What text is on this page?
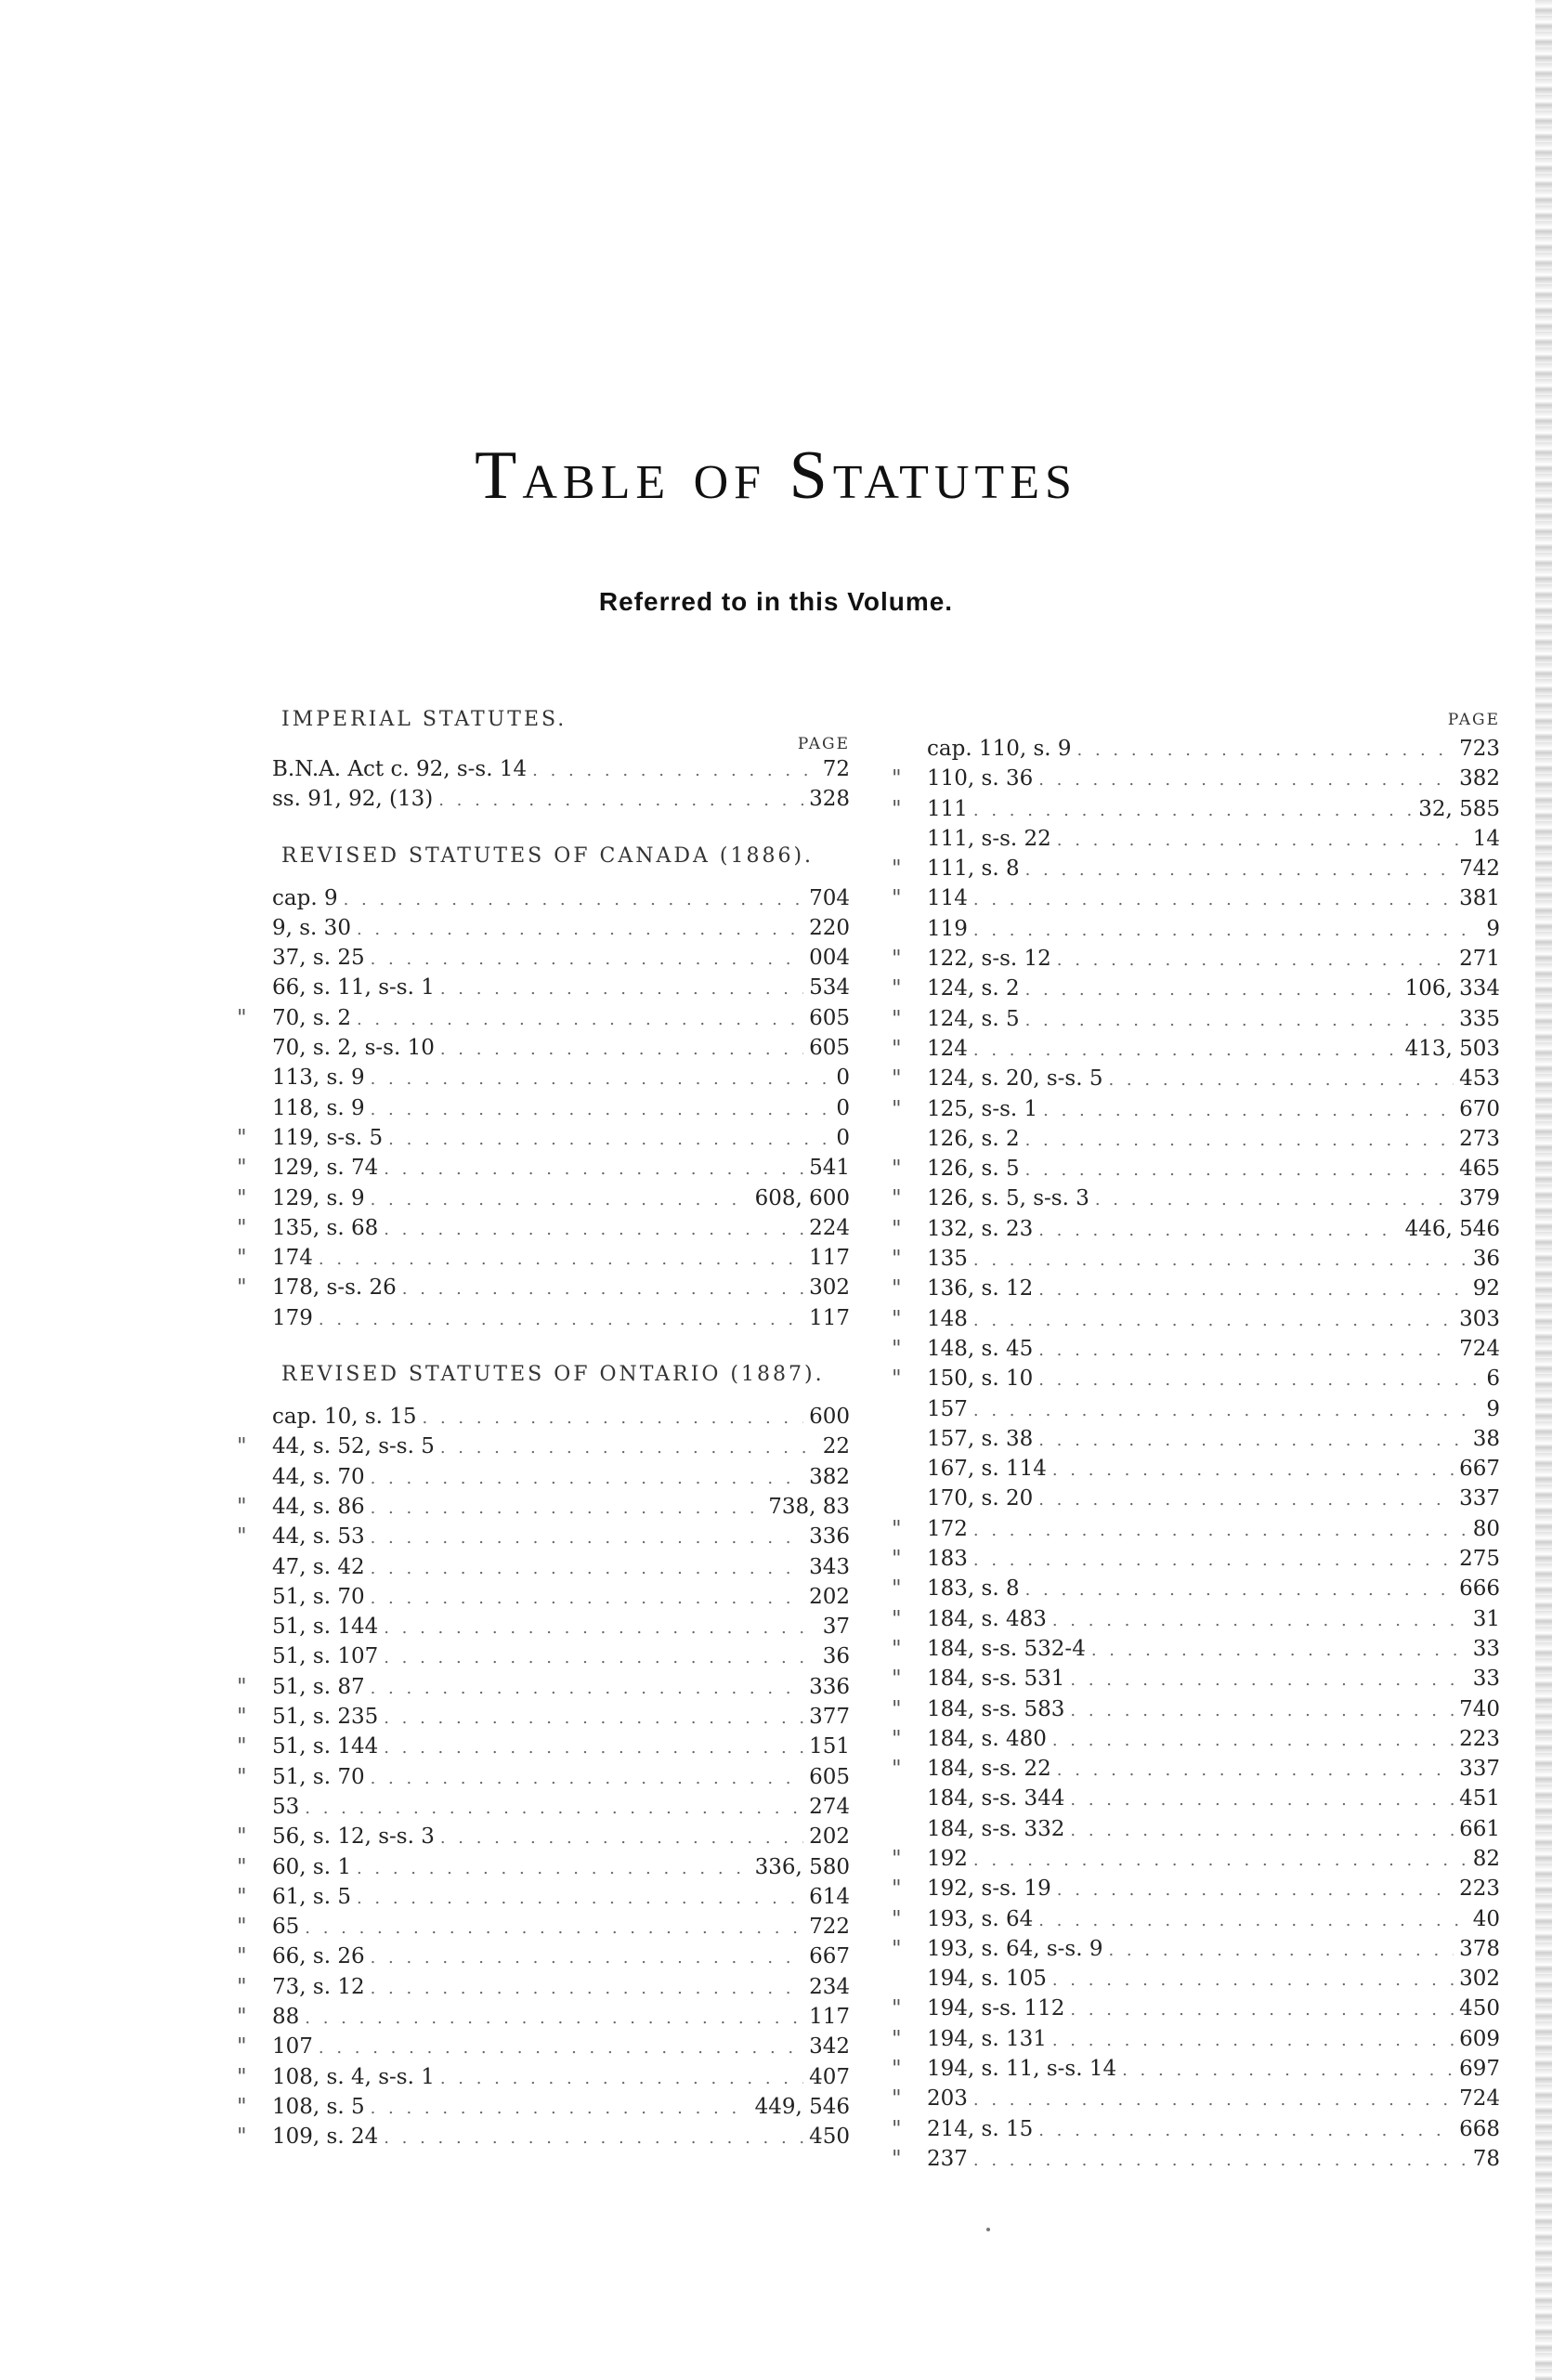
Table of Statutes
Referred to in this Volume.
IMPERIAL STATUTES.
PAGE
B.N.A. Act c. 92, s-s. 14 . . .	72
ss. 91, 92, (13) . . .	328
REVISED STATUTES OF CANADA (1886).
cap. 9 . . .	704
9, s. 30 . . .	220
37, s. 25 . . .	004
66, s. 11, s-s. 1 . . .	534
"	70, s. 2 . . .	605
70, s. 2, s-s. 10 . . .	605
113, s. 9 . . .	0
118, s. 9 . . .	0
"	119, s-s. 5 . . .	0
"	129, s. 74 . . .	541
"	129, s. 9 . . .	608, 600
"	135, s. 68 . . .	224
"	174 . . .	117
"	178, s-s. 26 . . .	302
179 . . .	117
REVISED STATUTES OF ONTARIO (1887).
cap. 10, s. 15 . . .	600
"	44, s. 52, s-s. 5 . . .	22
44, s. 70 . . .	382
"	44, s. 86 . . .	738, 83
"	44, s. 53 . . .	336
47, s. 42 . . .	343
51, s. 70 . . .	202
51, s. 144 . . .	37
51, s. 107 . . .	36
"	51, s. 87 . . .	336
"	51, s. 235 . . .	377
"	51, s. 144 . . .	151
"	51, s. 70 . . .	605
53 . . .	274
"	56, s. 12, s-s. 3 . . .	202
"	60, s. 1 . . .	336, 580
"	61, s. 5 . . .	614
"	65 . . .	722
"	66, s. 26 . . .	667
"	73, s. 12 . . .	234
"	88 . . .	117
"	107 . . .	342
"	108, s. 4, s-s. 1 . . .	407
"	108, s. 5 . . .	449, 546
"	109, s. 24 . . .	450
PAGE
cap. 110, s. 9 . . .	723
"	110, s. 36 . . .	382
"	111 . . .	32, 585
111, s-s. 22 . . .	14
"	111, s. 8 . . .	742
"	114 . . .	381
119 . . .	9
"	122, s-s. 12 . . .	271
"	124, s. 2 . . .	106, 334
"	124, s. 5 . . .	335
"	124 . . .	413, 503
"	124, s. 20, s-s. 5 . . .	453
"	125, s-s. 1 . . .	670
126, s. 2 . . .	273
"	126, s. 5 . . .	465
"	126, s. 5, s-s. 3 . . .	379
"	132, s. 23 . . .	446, 546
"	135 . . .	36
"	136, s. 12 . . .	92
"	148 . . .	303
"	148, s. 45 . . .	724
"	150, s. 10 . . .	6
157 . . .	9
157, s. 38 . . .	38
167, s. 114 . . .	667
170, s. 20 . . .	337
"	172 . . .	80
"	183 . . .	275
"	183, s. 8 . . .	666
"	184, s. 483 . . .	31
"	184, s-s. 532-4 . . .	33
"	184, s-s. 531 . . .	33
"	184, s-s. 583 . . .	740
"	184, s. 480 . . .	223
"	184, s-s. 22 . . .	337
184, s-s. 344 . . .	451
184, s-s. 332 . . .	661
"	192 . . .	82
"	192, s-s. 19 . . .	223
"	193, s. 64 . . .	40
"	193, s. 64, s-s. 9 . . .	378
194, s. 105 . . .	302
"	194, s-s. 112 . . .	450
"	194, s. 131 . . .	609
"	194, s. 11, s-s. 14 . . .	697
"	203 . . .	724
"	214, s. 15 . . .	668
"	237 . . .	78
